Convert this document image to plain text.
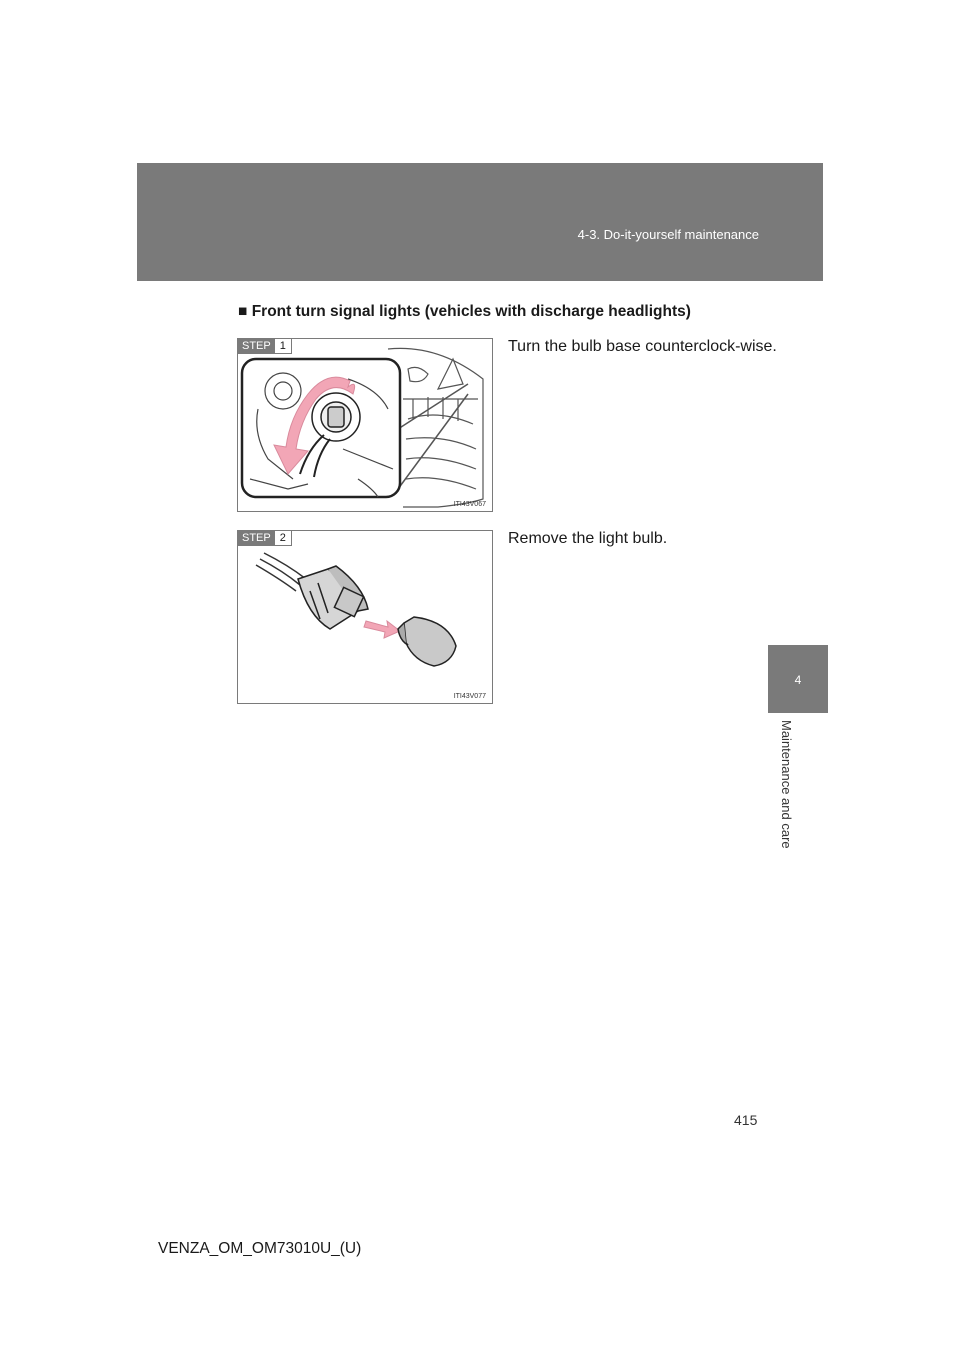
4-3. Do-it-yourself maintenance
4
Maintenance and care
■ Front turn signal lights (vehicles with discharge headlights)
STEP 1
ITI43V067
Turn the bulb base counterclock-wise.
STEP 2
ITI43V077
Remove the light bulb.
415
VENZA_OM_OM73010U_(U)
